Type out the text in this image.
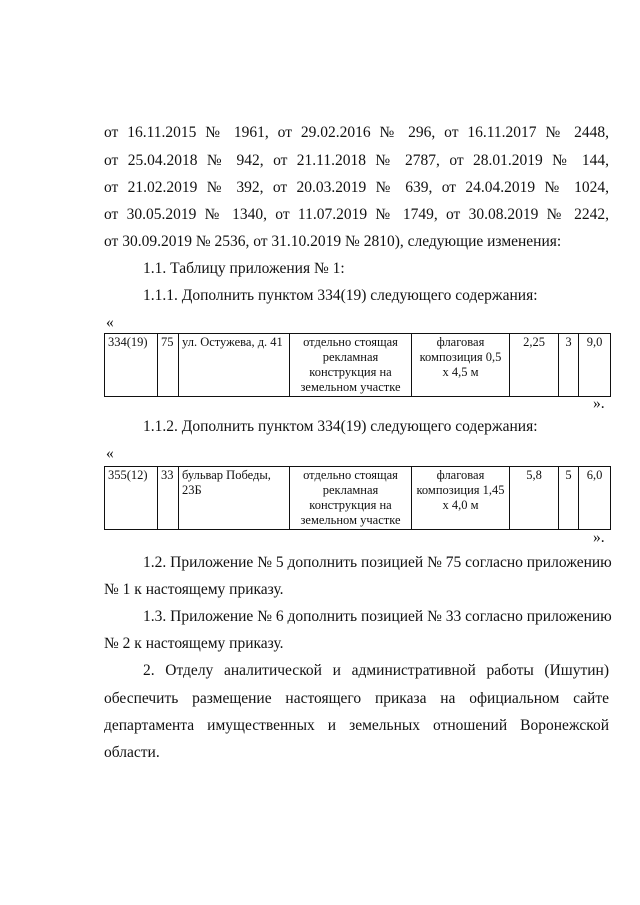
от 16.11.2015 № 1961, от 29.02.2016 № 296, от 16.11.2017 № 2448,
от 25.04.2018 № 942, от 21.11.2018 № 2787, от 28.01.2019 № 144,
от 21.02.2019 № 392, от 20.03.2019 № 639, от 24.04.2019 № 1024,
от 30.05.2019 № 1340, от 11.07.2019 № 1749, от 30.08.2019 № 2242,
от 30.09.2019 № 2536, от 31.10.2019 № 2810), следующие изменения:
1.1. Таблицу приложения № 1:
1.1.1. Дополнить пунктом 334(19) следующего содержания:
«
334(19)	75	ул. Остужева, д. 41	отдельно стоящая рекламная конструкция на земельном участке	флаговая композиция 0,5 х 4,5 м	2,25	3	9,0
».
1.1.2. Дополнить пунктом 334(19) следующего содержания:
«
355(12)	33	бульвар Победы, 23Б	отдельно стоящая рекламная конструкция на земельном участке	флаговая композиция 1,45 х 4,0 м	5,8	5	6,0
».
1.2. Приложение № 5 дополнить позицией № 75 согласно приложению
№ 1 к настоящему приказу.
1.3. Приложение № 6 дополнить позицией № 33 согласно приложению
№ 2 к настоящему приказу.
2. Отделу аналитической и административной работы (Ишутин)
обеспечить размещение настоящего приказа на официальном сайте
департамента имущественных и земельных отношений Воронежской
области.
